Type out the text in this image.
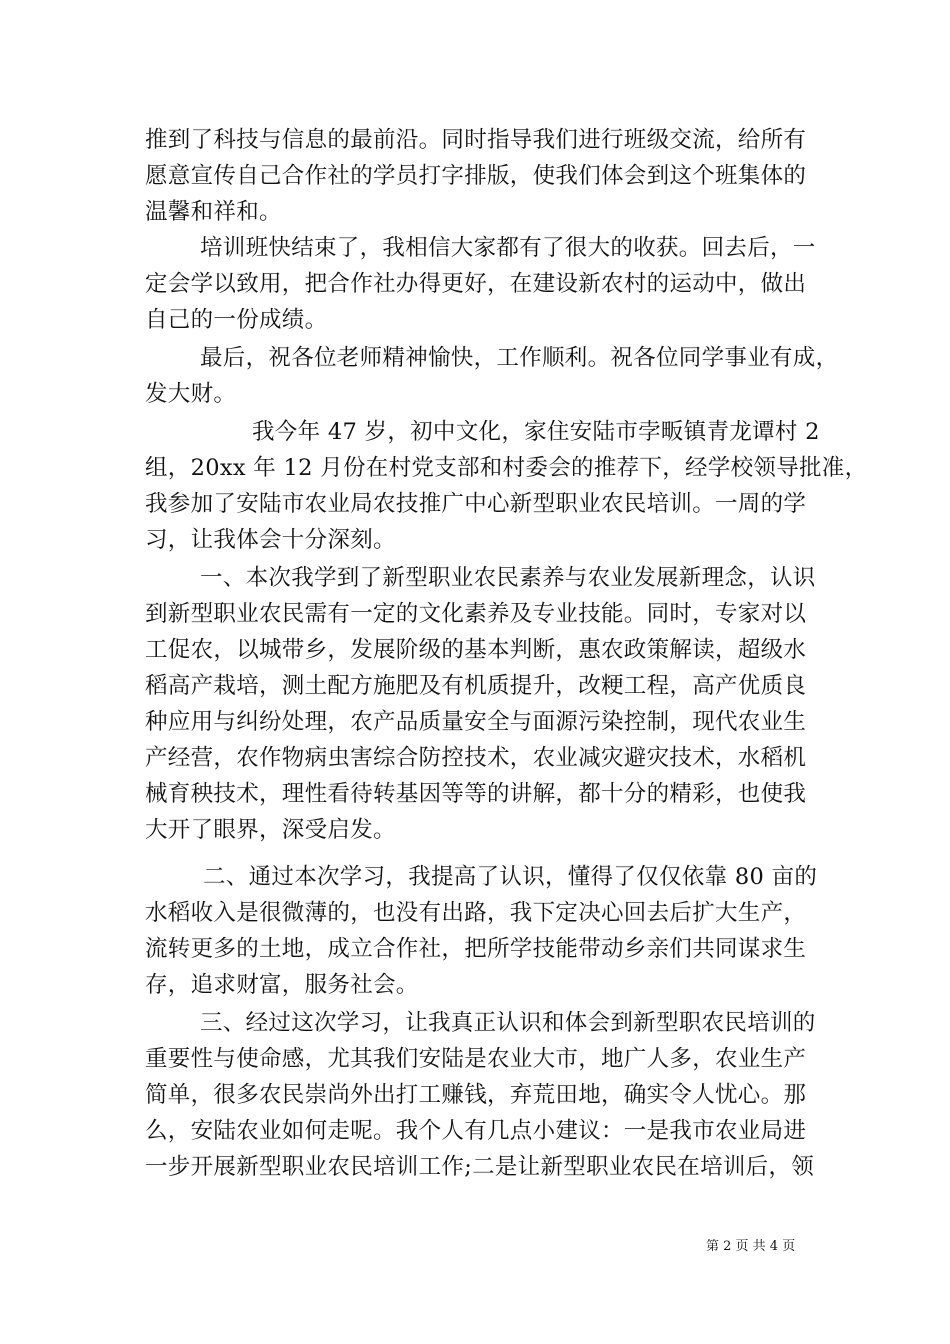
推到了科技与信息的最前沿。同时指导我们进行班级交流，给所有
愿意宣传自己合作社的学员打字排版，使我们体会到这个班集体的
温馨和祥和。
培训班快结束了，我相信大家都有了很大的收获。回去后，一
定会学以致用，把合作社办得更好，在建设新农村的运动中，做出
自己的一份成绩。
最后，祝各位老师精神愉快，工作顺利。祝各位同学事业有成，
发大财。
我今年 47 岁，初中文化，家住安陆市孛畈镇青龙谭村 2
组，20xx 年 12 月份在村党支部和村委会的推荐下，经学校领导批准，
我参加了安陆市农业局农技推广中心新型职业农民培训。一周的学
习，让我体会十分深刻。
一、本次我学到了新型职业农民素养与农业发展新理念，认识
到新型职业农民需有一定的文化素养及专业技能。同时，专家对以
工促农，以城带乡，发展阶级的基本判断，惠农政策解读，超级水
稻高产栽培，测土配方施肥及有机质提升，改粳工程，高产优质良
种应用与纠纷处理，农产品质量安全与面源污染控制，现代农业生
产经营，农作物病虫害综合防控技术，农业减灾避灾技术，水稻机
械育秧技术，理性看待转基因等等的讲解，都十分的精彩，也使我
大开了眼界，深受启发。
二、通过本次学习，我提高了认识，懂得了仅仅依靠 80 亩的
水稻收入是很微薄的，也没有出路，我下定决心回去后扩大生产，
流转更多的土地，成立合作社，把所学技能带动乡亲们共同谋求生
存，追求财富，服务社会。
三、经过这次学习，让我真正认识和体会到新型职农民培训的
重要性与使命感，尤其我们安陆是农业大市，地广人多，农业生产
简单，很多农民崇尚外出打工赚钱，弃荒田地，确实令人忧心。那
么，安陆农业如何走呢。我个人有几点小建议：一是我市农业局进
一步开展新型职业农民培训工作;二是让新型职业农民在培训后，领
第 2 页 共 4 页
